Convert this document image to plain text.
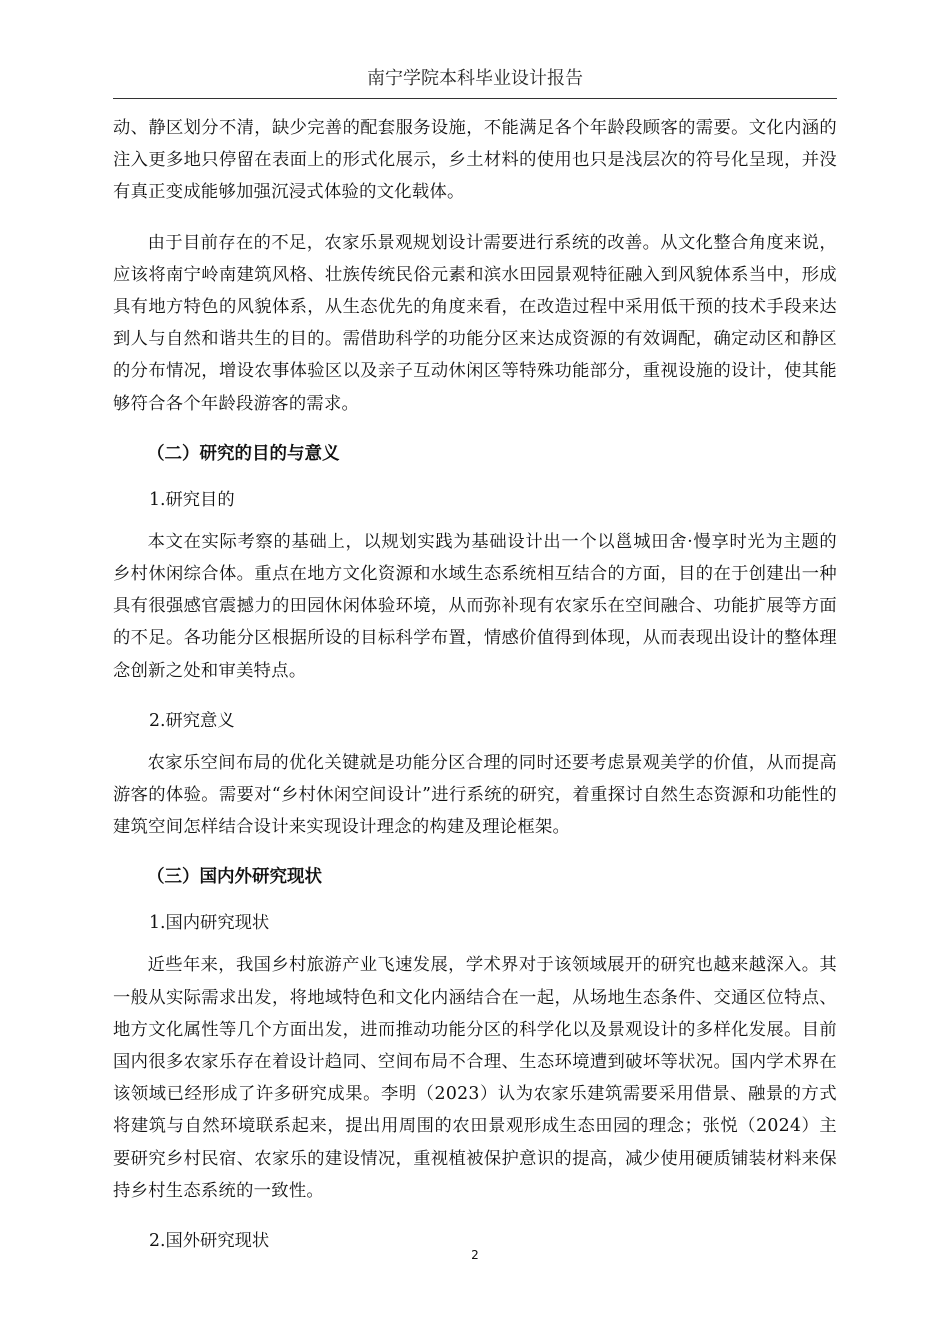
南宁学院本科毕业设计报告

动、静区划分不清，缺少完善的配套服务设施，不能满足各个年龄段顾客的需要。文化内涵的注入更多地只停留在表面上的形式化展示，乡土材料的使用也只是浅层次的符号化呈现，并没有真正变成能够加强沉浸式体验的文化载体。

由于目前存在的不足，农家乐景观规划设计需要进行系统的改善。从文化整合角度来说，应该将南宁岭南建筑风格、壮族传统民俗元素和滨水田园景观特征融入到风貌体系当中，形成具有地方特色的风貌体系，从生态优先的角度来看，在改造过程中采用低干预的技术手段来达到人与自然和谐共生的目的。需借助科学的功能分区来达成资源的有效调配，确定动区和静区的分布情况，增设农事体验区以及亲子互动休闲区等特殊功能部分，重视设施的设计，使其能够符合各个年龄段游客的需求。

（二）研究的目的与意义
1.研究目的

本文在实际考察的基础上，以规划实践为基础设计出一个以邕城田舍·慢享时光为主题的乡村休闲综合体。重点在地方文化资源和水域生态系统相互结合的方面，目的在于创建出一种具有很强感官震撼力的田园休闲体验环境，从而弥补现有农家乐在空间融合、功能扩展等方面的不足。各功能分区根据所设的目标科学布置，情感价值得到体现，从而表现出设计的整体理念创新之处和审美特点。

2.研究意义

农家乐空间布局的优化关键就是功能分区合理的同时还要考虑景观美学的价值，从而提高游客的体验。需要对“乡村休闲空间设计”进行系统的研究，着重探讨自然生态资源和功能性的建筑空间怎样结合设计来实现设计理念的构建及理论框架。

（三）国内外研究现状
1.国内研究现状

近些年来，我国乡村旅游产业飞速发展，学术界对于该领域展开的研究也越来越深入。其一般从实际需求出发，将地域特色和文化内涵结合在一起，从场地生态条件、交通区位特点、地方文化属性等几个方面出发，进而推动功能分区的科学化以及景观设计的多样化发展。目前国内很多农家乐存在着设计趋同、空间布局不合理、生态环境遭到破坏等状况。国内学术界在该领域已经形成了许多研究成果。李明（2023）认为农家乐建筑需要采用借景、融景的方式将建筑与自然环境联系起来，提出用周围的农田景观形成生态田园的理念；张悦（2024）主要研究乡村民宿、农家乐的建设情况，重视植被保护意识的提高，减少使用硬质铺装材料来保持乡村生态系统的一致性。

2.国外研究现状
2
